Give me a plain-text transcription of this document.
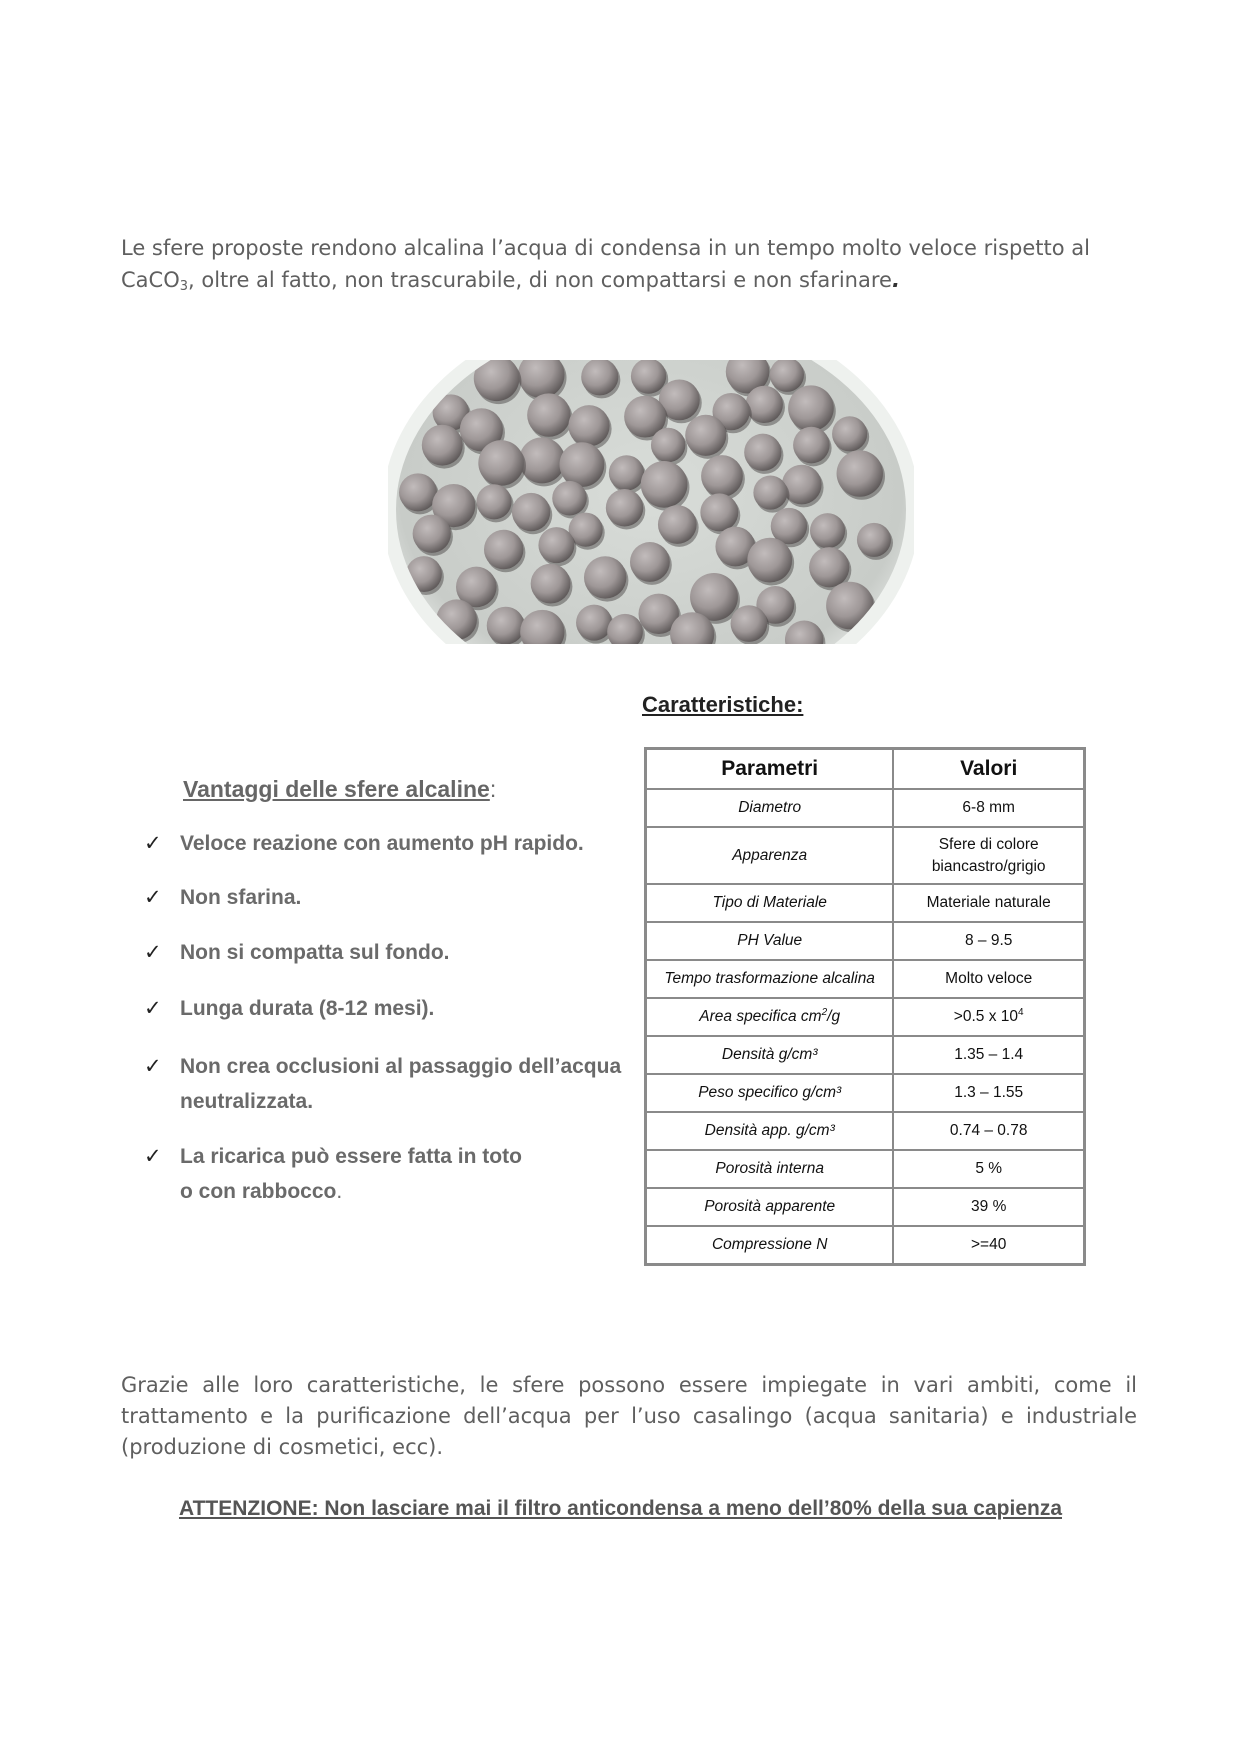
Le sfere proposte rendono alcalina l’acqua di condensa in un tempo molto veloce rispetto al CaCO$_3$, oltre al fatto, non trascurabile, di non compattarsi e non sfarinare.

Caratteristiche:

Vantaggi delle sfere alcaline:

✓ Veloce reazione con aumento pH rapido.
✓ Non sfarina.
✓ Non si compatta sul fondo.
✓ Lunga durata (8-12 mesi).
✓ Non crea occlusioni al passaggio dell’acqua neutralizzata.
✓ La ricarica può essere fatta in toto o con rabbocco.
Parametri	Valori
Diametro	6-8 mm
Apparenza	Sfere di colore
biancastro/grigio
Tipo di Materiale	Materiale naturale
PH Value	8 – 9.5
Tempo trasformazione alcalina	Molto veloce
Area specifica $cm^2/g$	>0.5 x $10^4$
Densità g/cm³	1.35 – 1.4
Peso specifico g/cm³	1.3 – 1.55
Densità app. g/cm³	0.74 – 0.78
Porosità interna	5 %
Porosità apparente	39 %
Compressione N	>=40

Grazie alle loro caratteristiche, le sfere possono essere impiegate in vari ambiti, come il trattamento e la purificazione dell’acqua per l’uso casalingo (acqua sanitaria) e industriale (produzione di cosmetici, ecc).

ATTENZIONE: Non lasciare mai il filtro anticondensa a meno dell’80% della sua capienza
